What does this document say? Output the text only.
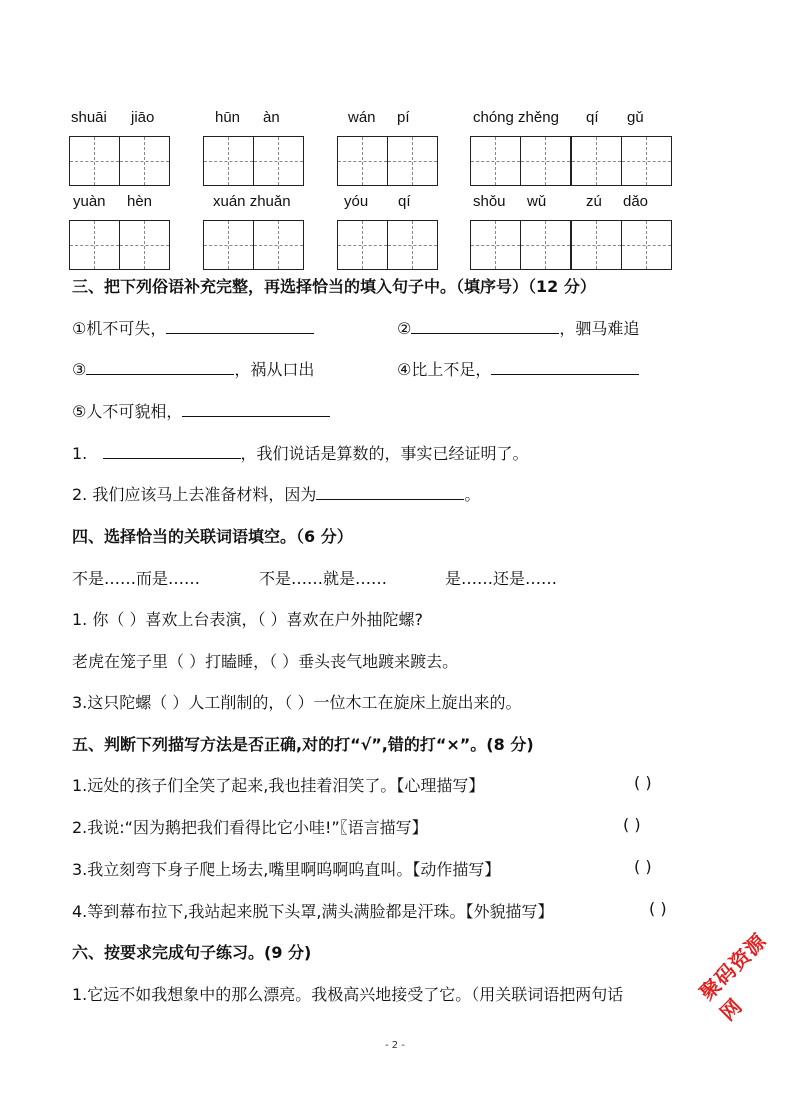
shuāi jiāo	hūn àn	wán pí	chóng zhěng qí gǔ
yuàn hèn	xuán zhuǎn	yóu qí	shǒu wǔ	zú dǎo
三、把下列俗语补充完整，再选择恰当的填入句子中。（填序号）（12 分）
①机不可失，	②	，驷马难追
③	，祸从口出	④比上不足，
⑤人不可貌相，
1.	，我们说话是算数的，事实已经证明了。
2. 我们应该马上去准备材料，因为	。
四、选择恰当的关联词语填空。（6 分）
不是……而是……	不是……就是……	是……还是……
1. 你（ ）喜欢上台表演，（ ）喜欢在户外抽陀螺?
老虎在笼子里（ ）打瞌睡，（ ）垂头丧气地踱来踱去。
3.这只陀螺（ ）人工削制的，（ ）一位木工在旋床上旋出来的。
五、判断下列描写方法是否正确,对的打“√”,错的打“×”。(8 分)
1.远处的孩子们全笑了起来,我也挂着泪笑了。【心理描写】	( )
2.我说:“因为鹅把我们看得比它小哇!”〖语言描写】	( )
3.我立刻弯下身子爬上场去,嘴里啊呜啊呜直叫。【动作描写】	( )
4.等到幕布拉下,我站起来脱下头罩,满头满脸都是汗珠。【外貌描写】	( )
六、按要求完成句子练习。(9 分)
1.它远不如我想象中的那么漂亮。我极高兴地接受了它。（用关联词语把两句话
- 2 -
聚码资源网
